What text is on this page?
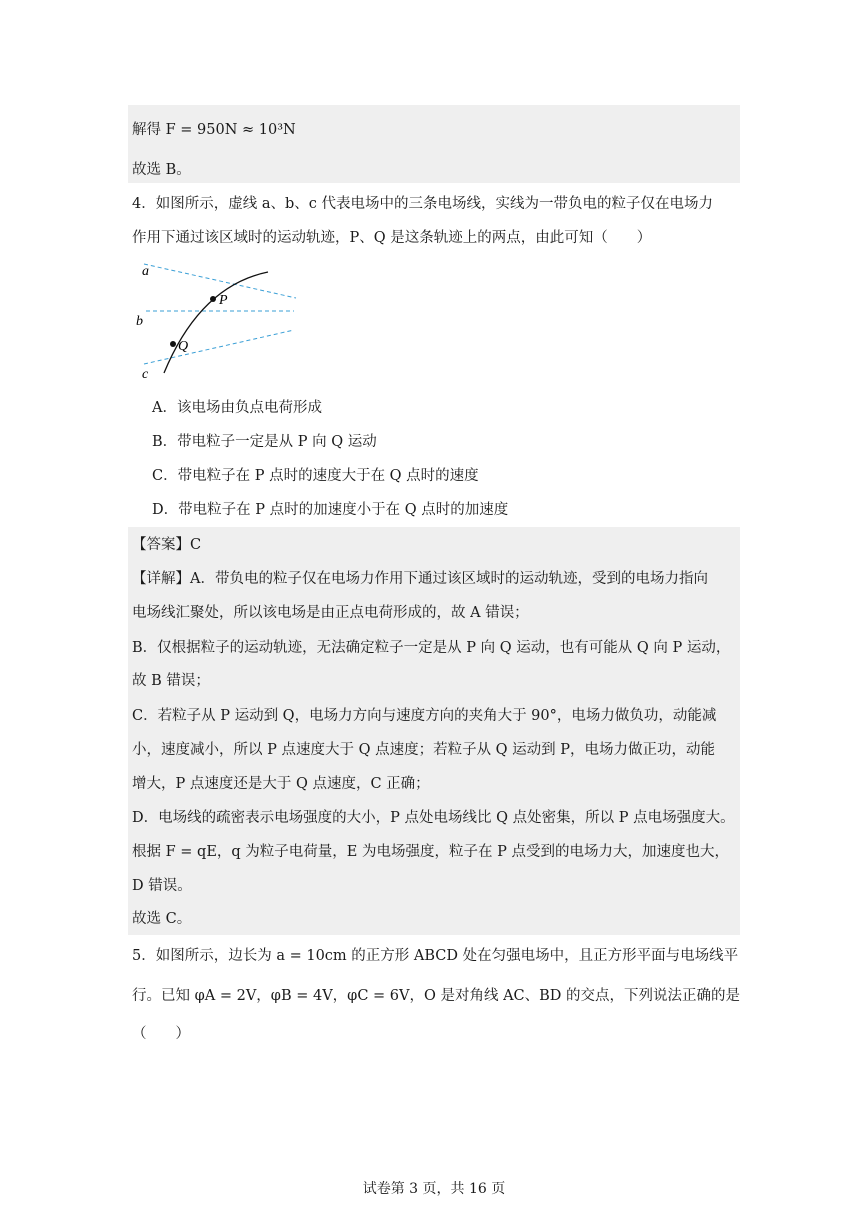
解得 F = 950N ≈ 10³N
故选 B。
4．如图所示，虚线 a、b、c 代表电场中的三条电场线，实线为一带负电的粒子仅在电场力
作用下通过该区域时的运动轨迹，P、Q 是这条轨迹上的两点，由此可知（　　）
a
b
c
P
Q
A．该电场由负点电荷形成
B．带电粒子一定是从 P 向 Q 运动
C．带电粒子在 P 点时的速度大于在 Q 点时的速度
D．带电粒子在 P 点时的加速度小于在 Q 点时的加速度
【答案】C
【详解】A．带负电的粒子仅在电场力作用下通过该区域时的运动轨迹，受到的电场力指向
电场线汇聚处，所以该电场是由正点电荷形成的，故 A 错误；
B．仅根据粒子的运动轨迹，无法确定粒子一定是从 P 向 Q 运动，也有可能从 Q 向 P 运动，
故 B 错误；
C．若粒子从 P 运动到 Q，电场力方向与速度方向的夹角大于 90°，电场力做负功，动能减
小，速度减小，所以 P 点速度大于 Q 点速度；若粒子从 Q 运动到 P，电场力做正功，动能
增大，P 点速度还是大于 Q 点速度，C 正确；
D．电场线的疏密表示电场强度的大小，P 点处电场线比 Q 点处密集，所以 P 点电场强度大。
根据 F = qE，q 为粒子电荷量，E 为电场强度，粒子在 P 点受到的电场力大，加速度也大，
D 错误。
故选 C。
5．如图所示，边长为 a = 10cm 的正方形 ABCD 处在匀强电场中，且正方形平面与电场线平
行。已知 φA = 2V，φB = 4V，φC = 6V，O 是对角线 AC、BD 的交点，下列说法正确的是
（　　）
试卷第 3 页，共 16 页
